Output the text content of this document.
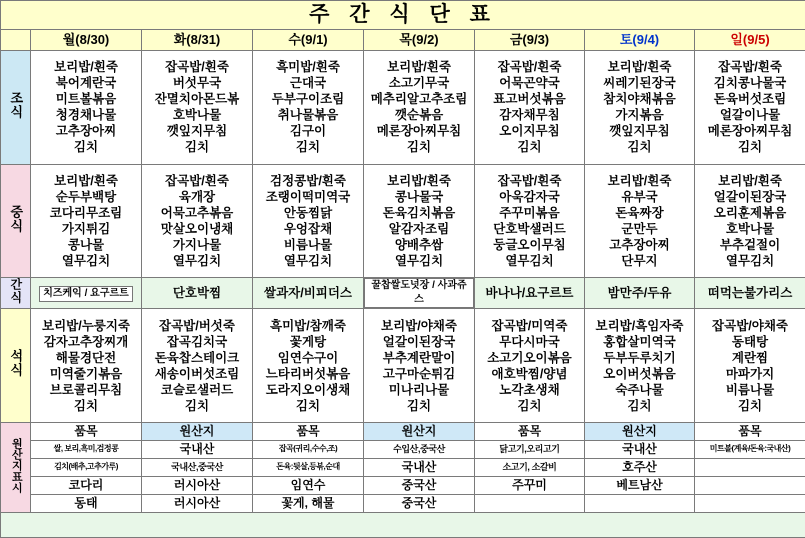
주 간 식 단 표							
	월(8/30)	화(8/31)	수(9/1)	목(9/2)	금(9/3)	토(9/4)	일(9/5)
조식	
보리밥/흰죽
북어계란국
미트볼볶음
청경채나물
고추장아찌
김치

잡곡밥/흰죽
버섯무국
잔멸치아몬드볶
호박나물
깻잎지무침
김치

흑미밥/흰죽
근대국
두부구이조림
취나물볶음
김구이
김치

보리밥/흰죽
소고기무국
메추리알고추조림
깻순볶음
메론장아찌무침
김치

잡곡밥/흰죽
어묵곤약국
표고버섯볶음
감자채무침
오이지무침
김치

보리밥/흰죽
씨레기된장국
참치야채볶음
가지볶음
깻잎지무침
김치

잡곡밥/흰죽
김치콩나물국
돈육버섯조림
얼갈이나물
메론장아찌무침
김치

중식	
보리밥/흰죽
순두부백탕
코다리무조림
가지튀김
콩나물
열무김치

잡곡밥/흰죽
육개장
어묵고추볶음
맛살오이냉채
가지나물
열무김치

검정콩밥/흰죽
조랭이떡미역국
안동찜닭
우엉잡채
비름나물
열무김치

보리밥/흰죽
콩나물국
돈육김치볶음
알감자조림
양배추쌈
열무김치

잡곡밥/흰죽
아욱감자국
주꾸미볶음
단호박샐러드
둥글오이무침
열무김치

보리밥/흰죽
유부국
돈육짜장
군만두
고추장아찌
단무지

보리밥/흰죽
얼갈이된장국
오리훈제볶음
호박나물
부추겉절이
열무김치

간식	치즈케익 / 요구르트	단호박찜	쌀과자/비피더스	꿀찹쌀도넛장 / 사과쥬스	바나나/요구르트	밤만주/두유	떠먹는불가리스
석식	
보리밥/누룽지죽
감자고추장찌개
해물경단전
미역줄기볶음
브로콜리무침
김치

잡곡밥/버섯죽
잡곡김치국
돈육찹스테이크
새송이버섯조림
코슬로샐러드
김치

흑미밥/참깨죽
꽃게탕
임연수구이
느타리버섯볶음
도라지오이생채
김치

보리밥/야채죽
얼갈이된장국
부추계란말이
고구마순튀김
미나리나물
김치

잡곡밥/미역죽
무다시마국
소고기오이볶음
애호박찜/양념
노각초생채
김치

보리밥/흑임자죽
홍합살미역국
두부두루치기
오이버섯볶음
숙주나물
김치

잡곡밥/야채죽
동태탕
계란찜
마파가지
비름나물
김치

원산지표시	품목	원산지	품목	원산지	품목	원산지	품목
	쌀, 보리,흑미,검정콩	국내산	잡곡(귀리,수수,조)	수입산,중국산	닭고기,오리고기	국내산	미트볼(계육/돈육:국내산)
	김치(배추,고추가루)	국내산,중국산	돈육:뒷살,등볶,순대	국내산	소고기, 소갈비	호주산	
	코다리	러시아산	임연수	중국산	주꾸미	베트남산	
	동태	러시아산	꽃게, 해물	중국산			
